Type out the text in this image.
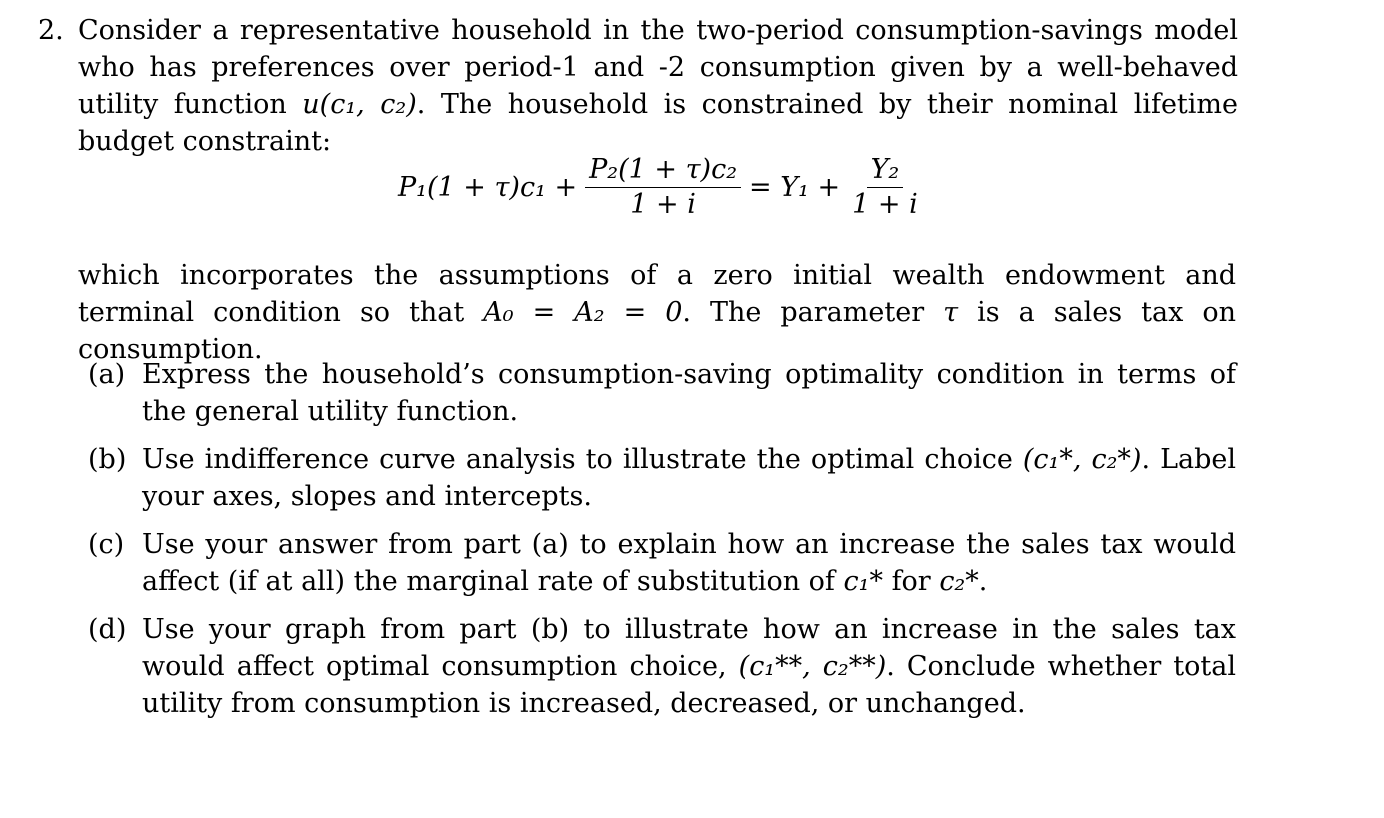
2. Consider a representative household in the two-period consumption-savings model who has preferences over period-1 and -2 consumption given by a well-behaved utility function u(c₁, c₂). The household is constrained by their nominal lifetime budget constraint:
$P_1(1 + \tau)c_1 + \frac{\text{P₂(1 + τ)c₂}}{1 + i} = Y_1 + \frac{\text{Y₂}}{1 + i}$
which incorporates the assumptions of a zero initial wealth endowment and terminal condition so that A₀ = A₂ = 0. The parameter τ is a sales tax on consumption.
(a) Express the household’s consumption-saving optimality condition in terms of the general utility function.
(b) Use indifference curve analysis to illustrate the optimal choice (c₁*, c₂*). Label your axes, slopes and intercepts.
(c) Use your answer from part (a) to explain how an increase the sales tax would affect (if at all) the marginal rate of substitution of c₁* for c₂*.
(d) Use your graph from part (b) to illustrate how an increase in the sales tax would affect optimal consumption choice, (c₁**, c₂**). Conclude whether total utility from consumption is increased, decreased, or unchanged.
